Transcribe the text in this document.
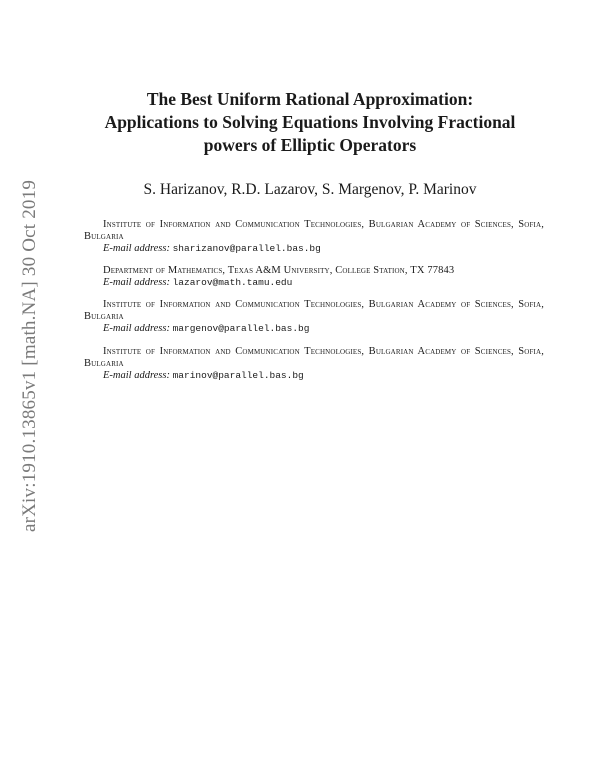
arXiv:1910.13865v1 [math.NA] 30 Oct 2019
The Best Uniform Rational Approximation:
Applications to Solving Equations Involving Fractional
powers of Elliptic Operators
S. Harizanov, R.D. Lazarov, S. Margenov, P. Marinov
Institute of Information and Communication Technologies, Bulgarian Academy of Sciences, Sofia, Bulgaria
E-mail address: sharizanov@parallel.bas.bg
Department of Mathematics, Texas A&M University, College Station, TX 77843
E-mail address: lazarov@math.tamu.edu
Institute of Information and Communication Technologies, Bulgarian Academy of Sciences, Sofia, Bulgaria
E-mail address: margenov@parallel.bas.bg
Institute of Information and Communication Technologies, Bulgarian Academy of Sciences, Sofia, Bulgaria
E-mail address: marinov@parallel.bas.bg
